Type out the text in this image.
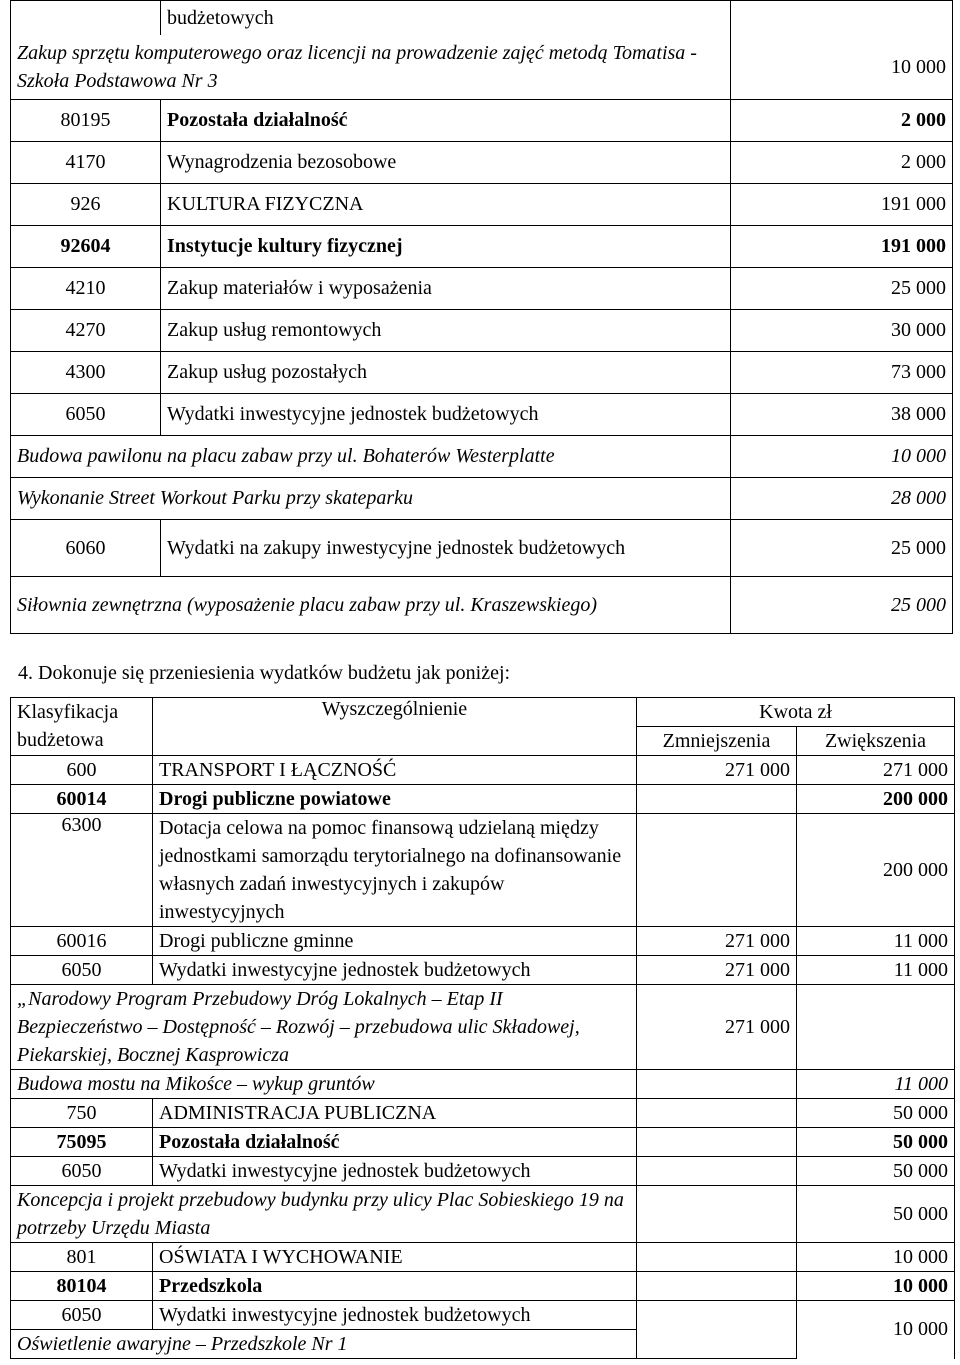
	budżetowych	
Zakup sprzętu komputerowego oraz licencji na prowadzenie zajęć metodą Tomatisa - Szkoła Podstawowa Nr 3		10 000
80195	Pozostała działalność	2 000
4170	Wynagrodzenia bezosobowe	2 000
926	KULTURA FIZYCZNA	191 000
92604	Instytucje kultury fizycznej	191 000
4210	Zakup materiałów i wyposażenia	25 000
4270	Zakup usług remontowych	30 000
4300	Zakup usług pozostałych	73 000
6050	Wydatki inwestycyjne jednostek budżetowych	38 000
Budowa pawilonu na placu zabaw przy ul. Bohaterów Westerplatte		10 000
Wykonanie Street Workout Parku przy skateparku		28 000
6060	Wydatki na zakupy inwestycyjne jednostek budżetowych	25 000
Siłownia zewnętrzna (wyposażenie placu zabaw przy ul. Kraszewskiego)		25 000

4. Dokonuje się przeniesienia wydatków budżetu jak poniżej:

Klasyfikacja budżetowa	Wyszczególnienie	Kwota zł	
		Zmniejszenia	Zwiększenia
600	TRANSPORT I ŁĄCZNOŚĆ	271 000	271 000
60014	Drogi publiczne powiatowe		200 000
6300	Dotacja celowa na pomoc finansową udzielaną między jednostkami samorządu terytorialnego na dofinansowanie własnych zadań inwestycyjnych i zakupów inwestycyjnych		200 000
60016	Drogi publiczne gminne	271 000	11 000
6050	Wydatki inwestycyjne jednostek budżetowych	271 000	11 000
„Narodowy Program Przebudowy Dróg Lokalnych – Etap II Bezpieczeństwo – Dostępność – Rozwój – przebudowa ulic Składowej, Piekarskiej, Bocznej Kasprowicza		271 000	
Budowa mostu na Mikośce – wykup gruntów			11 000
750	ADMINISTRACJA PUBLICZNA		50 000
75095	Pozostała działalność		50 000
6050	Wydatki inwestycyjne jednostek budżetowych		50 000
Koncepcja i projekt przebudowy budynku przy ulicy Plac Sobieskiego 19 na potrzeby Urzędu Miasta			50 000
801	OŚWIATA I WYCHOWANIE		10 000
80104	Przedszkola		10 000
6050	Wydatki inwestycyjne jednostek budżetowych		10 000
Oświetlenie awaryjne – Przedszkole Nr 1			
